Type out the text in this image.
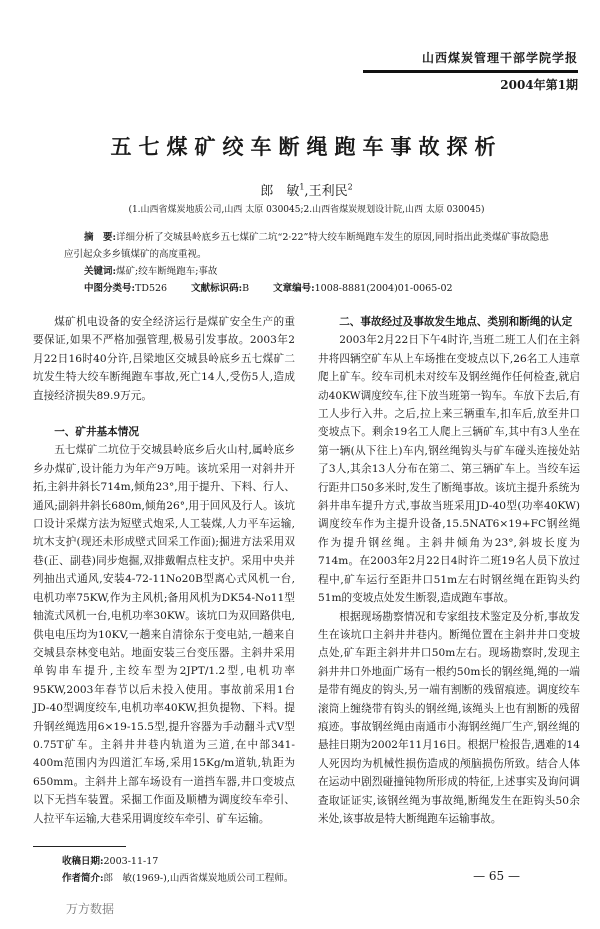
山西煤炭管理干部学院学报
2004年第1期
五七煤矿绞车断绳跑车事故探析
郎　敏$^1$,王利民$^2$
(1.山西省煤炭地质公司,山西 太原 030045;2.山西省煤炭规划设计院,山西 太原 030045)
摘　要:详细分析了交城县岭底乡五七煤矿二坑“2·22”特大绞车断绳跑车发生的原因,同时指出此类煤矿事故隐患应引起众多乡镇煤矿的高度重视。
关键词:煤矿;绞车断绳跑车;事故
中图分类号:TD526	文献标识码:B	文章编号:1008-8881(2004)01-0065-02

煤矿机电设备的安全经济运行是煤矿安全生产的重要保证,如果不严格加强管理,极易引发事故。2003年2月22日16时40分许,吕梁地区交城县岭底乡五七煤矿二坑发生特大绞车断绳跑车事故,死亡14人,受伤5人,造成直接经济损失89.9万元。

一、矿井基本情况

五七煤矿二坑位于交城县岭底乡后火山村,属岭底乡乡办煤矿,设计能力为年产9万吨。该坑采用一对斜井开拓,主斜井斜长714m,倾角23°,用于提升、下料、行人、通风;副斜井斜长680m,倾角26°,用于回风及行人。该坑口设计采煤方法为短壁式炮采,人工装煤,人力平车运输,坑木支护(现还未形成壁式回采工作面);掘进方法采用双巷(正、副巷)同步炮掘,双排戴帽点柱支护。采用中央并列抽出式通风,安装4-72-11No20B型离心式风机一台,电机功率75KW,作为主风机;备用风机为DK54-No11型轴流式风机一台,电机功率30KW。该坑口为双回路供电,供电电压均为10KV,一趟来自清徐东于变电站,一趟来自交城县奈林变电站。地面安装三台变压器。主斜井采用单钩串车提升,主绞车型为2JPT/1.2型,电机功率95KW,2003年春节以后未投入使用。事故前采用1台JD-40型调度绞车,电机功率40KW,担负提物、下料。提升钢丝绳选用6×19-15.5型,提升容器为手动翻斗式V型0.75T矿车。主斜井井巷内轨道为三道,在中部341-400m范围内为四道汇车场,采用15Kg/m道轨,轨距为650mm。主斜井上部车场设有一道挡车器,井口变坡点以下无挡车装置。采掘工作面及顺槽为调度绞车牵引、人拉平车运输,大巷采用调度绞车牵引、矿车运输。

收稿日期:2003-11-17
作者简介:郎　敏(1969-),山西省煤炭地质公司工程师。
二、事故经过及事故发生地点、类别和断绳的认定

2003年2月22日下午4时许,当班二班工人们在主斜井将四辆空矿车从上车场推在变坡点以下,26名工人违章爬上矿车。绞车司机未对绞车及钢丝绳作任何检查,就启动40KW调度绞车,往下放当班第一钩车。车放下去后,有工人步行入井。之后,拉上来三辆重车,扣车后,放至井口变坡点下。剩余19名工人爬上三辆矿车,其中有3人坐在第一辆(从下往上)车内,钢丝绳钩头与矿车碰头连接处站了3人,其余13人分布在第二、第三辆矿车上。当绞车运行距井口50多米时,发生了断绳事故。该坑主提升系统为斜井串车提升方式,事故当班采用JD-40型(功率40KW)调度绞车作为主提升设备,15.5NAT6×19+FC钢丝绳作为提升钢丝绳。主斜井倾角为23°,斜坡长度为714m。在2003年2月22日4时许二班19名人员下放过程中,矿车运行至距井口51m左右时钢丝绳在距钩头约51m的变坡点处发生断裂,造成跑车事故。

根据现场勘察情况和专家组技术鉴定及分析,事故发生在该坑口主斜井井巷内。断绳位置在主斜井井口变坡点处,矿车距主斜井井口50m左右。现场勘察时,发现主斜井井口外地面广场有一根约50m长的钢丝绳,绳的一端是带有绳皮的钩头,另一端有割断的残留痕迹。调度绞车滚筒上缠绕带有钩头的钢丝绳,该绳头上也有割断的残留痕迹。事故钢丝绳由南通市小海钢丝绳厂生产,钢丝绳的悬挂日期为2002年11月16日。根据尸检报告,遇难的14人死因均为机械性损伤造成的颅脑损伤所致。结合人体在运动中剧烈碰撞钝物所形成的特征,上述事实及询问调查取证证实,该钢丝绳为事故绳,断绳发生在距钩头50余米处,该事故是特大断绳跑车运输事故。

— 65 —
万方数据
